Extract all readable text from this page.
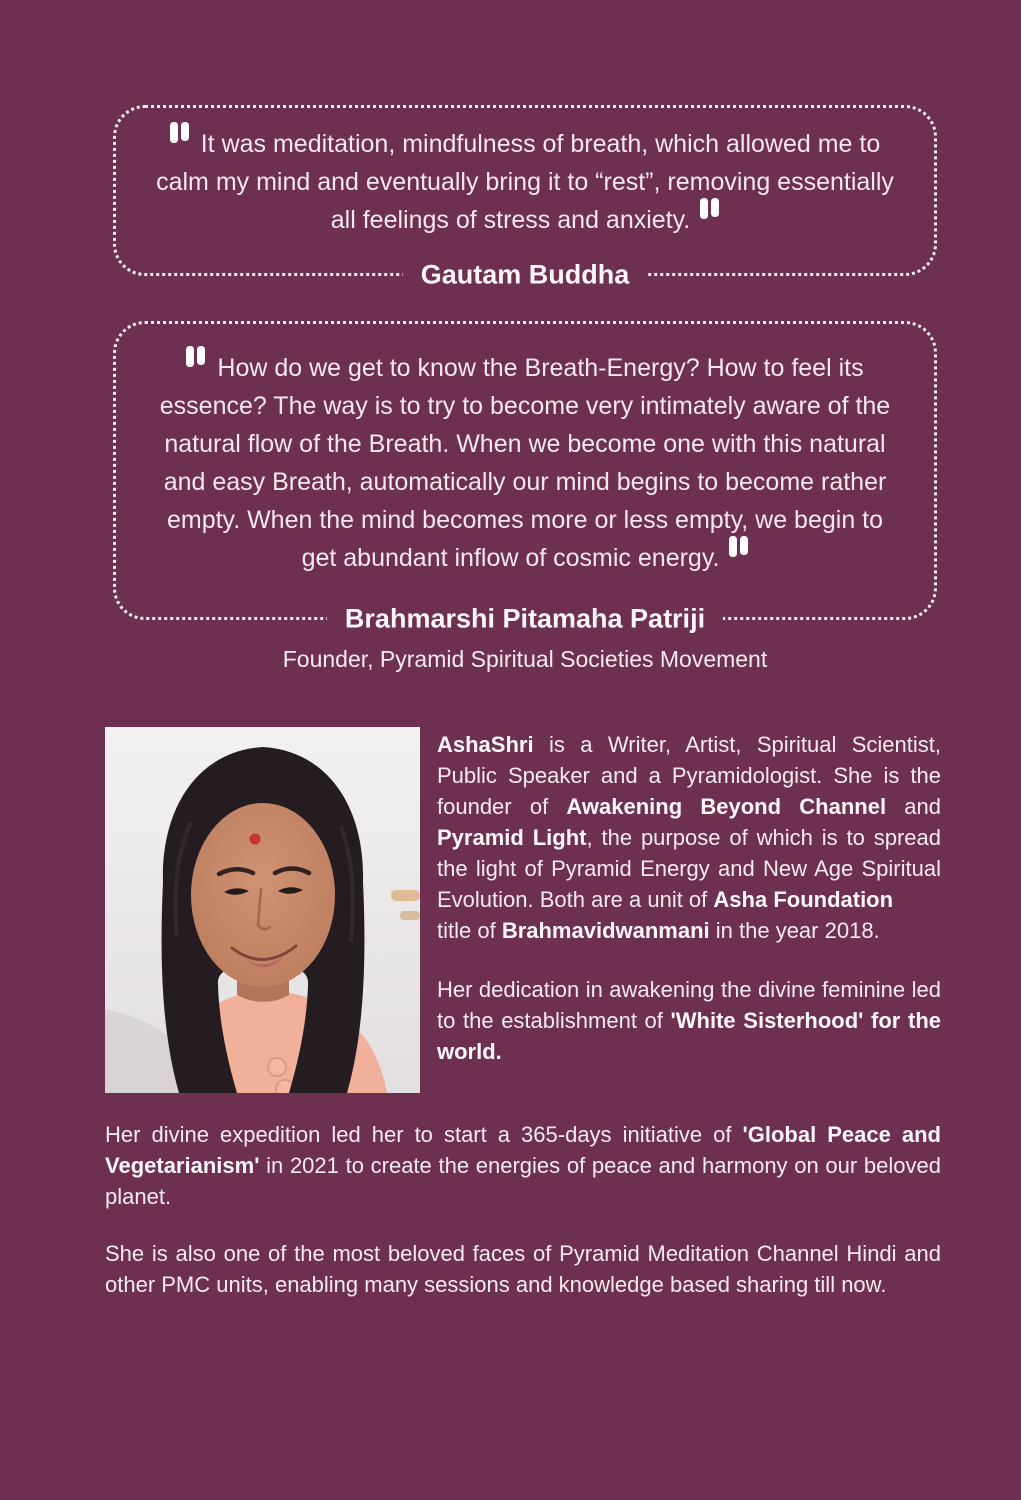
It was meditation, mindfulness of breath, which allowed me to calm my mind and eventually bring it to “rest”, removing essentially all feelings of stress and anxiety.

Gautam Buddha

How do we get to know the Breath-Energy? How to feel its essence? The way is to try to become very intimately aware of the natural flow of the Breath. When we become one with this natural and easy Breath, automatically our mind begins to become rather empty. When the mind becomes more or less empty, we begin to get abundant inflow of cosmic energy.

Brahmarshi Pitamaha Patriji
Founder, Pyramid Spiritual Societies Movement

AshaShri is a Writer, Artist, Spiritual Scientist, Public Speaker and a Pyramidologist. She is the founder of Awakening Beyond Channel and Pyramid Light, the purpose of which is to spread the light of Pyramid Energy and New Age Spiritual Evolution. Both are a unit of Asha Foundation
title of Brahmavidwanmani in the year 2018.

Her dedication in awakening the divine feminine led to the establishment of 'White Sisterhood' for the world.

Her divine expedition led her to start a 365-days initiative of 'Global Peace and Vegetarianism' in 2021 to create the energies of peace and harmony on our beloved planet.

She is also one of the most beloved faces of Pyramid Meditation Channel Hindi and other PMC units, enabling many sessions and knowledge based sharing till now.
